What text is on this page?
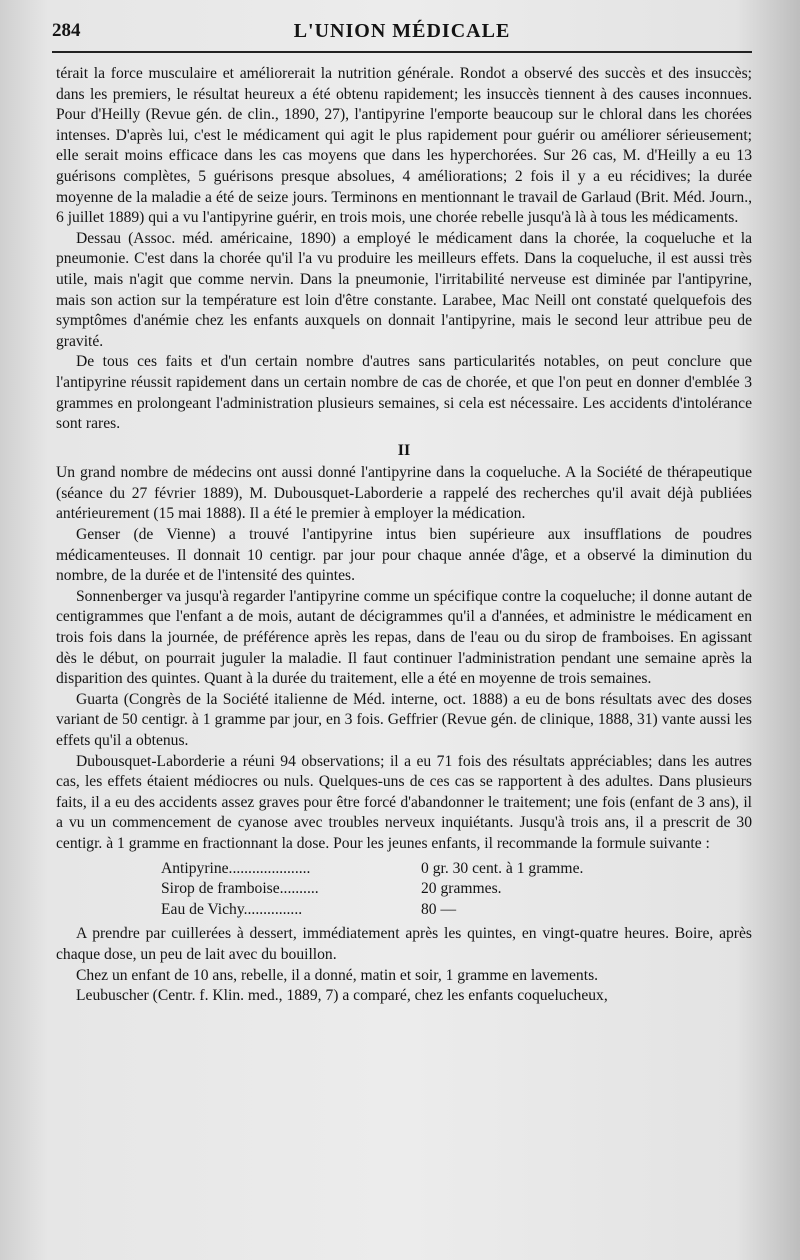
284	L'UNION MÉDICALE

térait la force musculaire et améliorerait la nutrition générale. Rondot a observé des succès et des insuccès; dans les premiers, le résultat heureux a été obtenu rapidement; les insuccès tiennent à des causes inconnues. Pour d'Heilly (Revue gén. de clin., 1890, 27), l'antipyrine l'emporte beaucoup sur le chloral dans les chorées intenses. D'après lui, c'est le médicament qui agit le plus rapidement pour guérir ou améliorer sérieusement; elle serait moins efficace dans les cas moyens que dans les hyperchorées. Sur 26 cas, M. d'Heilly a eu 13 guérisons complètes, 5 guérisons presque absolues, 4 améliorations; 2 fois il y a eu récidives; la durée moyenne de la maladie a été de seize jours. Terminons en mentionnant le travail de Garlaud (Brit. Méd. Journ., 6 juillet 1889) qui a vu l'antipyrine guérir, en trois mois, une chorée rebelle jusqu'à là à tous les médicaments.

Dessau (Assoc. méd. américaine, 1890) a employé le médicament dans la chorée, la coqueluche et la pneumonie. C'est dans la chorée qu'il l'a vu produire les meilleurs effets. Dans la coqueluche, il est aussi très utile, mais n'agit que comme nervin. Dans la pneumonie, l'irritabilité nerveuse est diminée par l'antipyrine, mais son action sur la température est loin d'être constante. Larabee, Mac Neill ont constaté quelquefois des symptômes d'anémie chez les enfants auxquels on donnait l'antipyrine, mais le second leur attribue peu de gravité.

De tous ces faits et d'un certain nombre d'autres sans particularités notables, on peut conclure que l'antipyrine réussit rapidement dans un certain nombre de cas de chorée, et que l'on peut en donner d'emblée 3 grammes en prolongeant l'administration plusieurs semaines, si cela est nécessaire. Les accidents d'intolérance sont rares.

II

Un grand nombre de médecins ont aussi donné l'antipyrine dans la coqueluche. A la Société de thérapeutique (séance du 27 février 1889), M. Dubousquet-Laborderie a rappelé des recherches qu'il avait déjà publiées antérieurement (15 mai 1888). Il a été le premier à employer la médication.

Genser (de Vienne) a trouvé l'antipyrine intus bien supérieure aux insufflations de poudres médicamenteuses. Il donnait 10 centigr. par jour pour chaque année d'âge, et a observé la diminution du nombre, de la durée et de l'intensité des quintes.

Sonnenberger va jusqu'à regarder l'antipyrine comme un spécifique contre la coqueluche; il donne autant de centigrammes que l'enfant a de mois, autant de décigrammes qu'il a d'années, et administre le médicament en trois fois dans la journée, de préférence après les repas, dans de l'eau ou du sirop de framboises. En agissant dès le début, on pourrait juguler la maladie. Il faut continuer l'administration pendant une semaine après la disparition des quintes. Quant à la durée du traitement, elle a été en moyenne de trois semaines.

Guarta (Congrès de la Société italienne de Méd. interne, oct. 1888) a eu de bons résultats avec des doses variant de 50 centigr. à 1 gramme par jour, en 3 fois. Geffrier (Revue gén. de clinique, 1888, 31) vante aussi les effets qu'il a obtenus.

Dubousquet-Laborderie a réuni 94 observations; il a eu 71 fois des résultats appréciables; dans les autres cas, les effets étaient médiocres ou nuls. Quelques-uns de ces cas se rapportent à des adultes. Dans plusieurs faits, il a eu des accidents assez graves pour être forcé d'abandonner le traitement; une fois (enfant de 3 ans), il a vu un commencement de cyanose avec troubles nerveux inquiétants. Jusqu'à trois ans, il a prescrit de 30 centigr. à 1 gramme en fractionnant la dose. Pour les jeunes enfants, il recommande la formule suivante :

Antipyrine.....................	0 gr. 30 cent. à 1 gramme.
Sirop de framboise..........	20 grammes.
Eau de Vichy...............	80 —

A prendre par cuillerées à dessert, immédiatement après les quintes, en vingt-quatre heures. Boire, après chaque dose, un peu de lait avec du bouillon.

Chez un enfant de 10 ans, rebelle, il a donné, matin et soir, 1 gramme en lavements.

Leubuscher (Centr. f. Klin. med., 1889, 7) a comparé, chez les enfants coqueluchеux,
